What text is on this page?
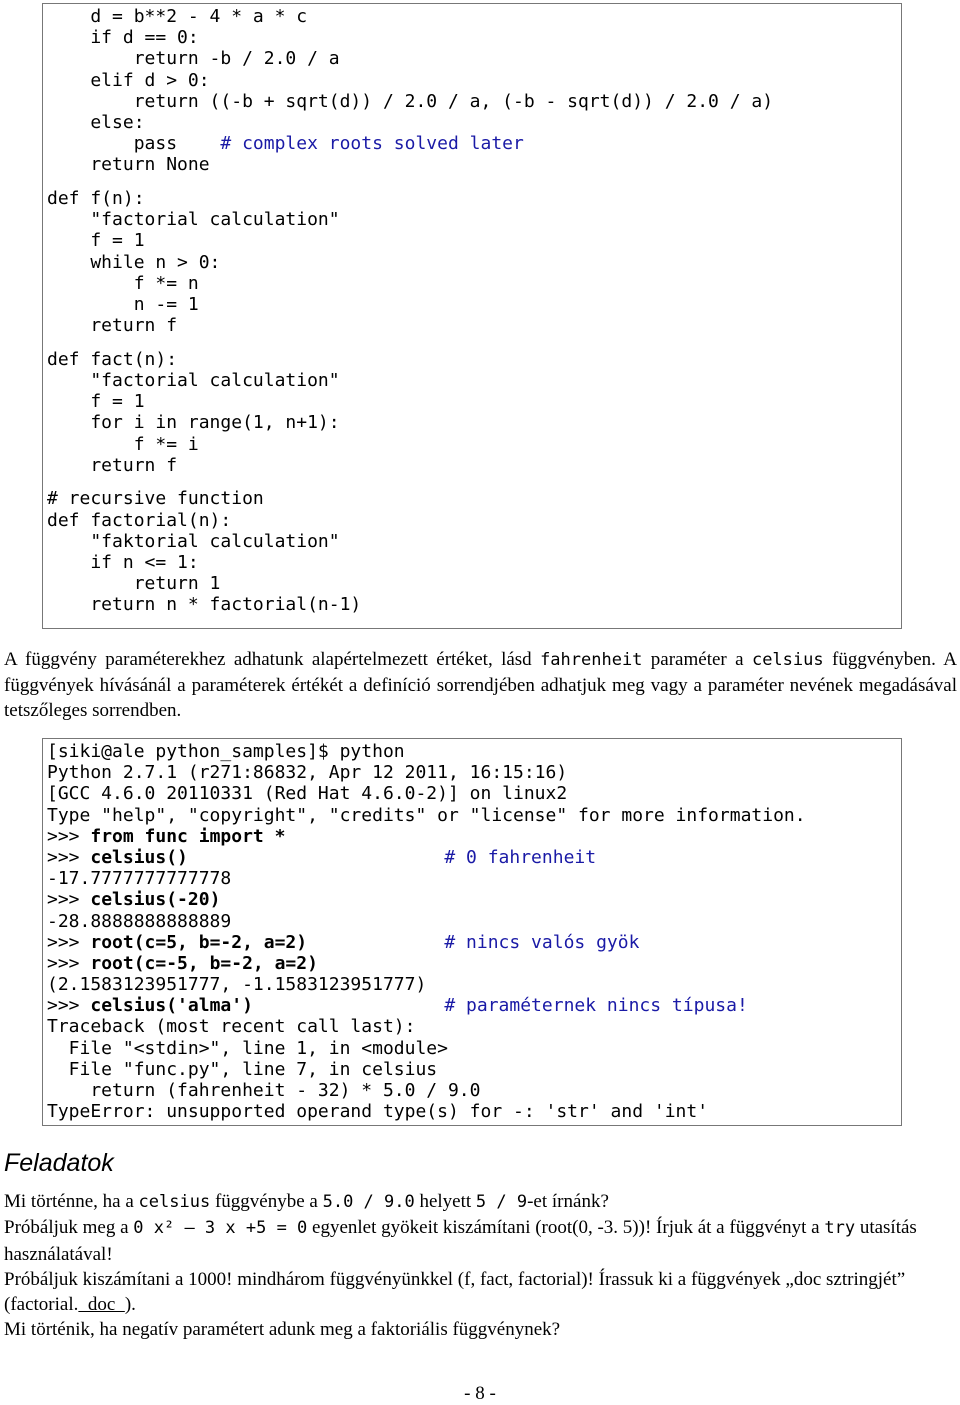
d = b**2 - 4 * a * c
if d == 0:
return -b / 2.0 / a
elif d > 0:
return ((-b + sqrt(d)) / 2.0 / a, (-b - sqrt(d)) / 2.0 / a)
else:
pass    # complex roots solved later
return None
def f(n):
"factorial calculation"
f = 1
while n > 0:
f *= n
n -= 1
return f
def fact(n):
"factorial calculation"
f = 1
for i in range(1, n+1):
f *= i
return f
# recursive function
def factorial(n):
"faktorial calculation"
if n <= 1:
return 1
return n * factorial(n-1)
A függvény paraméterekhez adhatunk alapértelmezett értéket, lásd fahrenheit paraméter a celsius függvényben. A függvények hívásánál a paraméterek értékét a definíció sorrendjében adhatjuk meg vagy a paraméter nevének megadásával tetszőleges sorrendben.
[siki@ale python_samples]$ python
Python 2.7.1 (r271:86832, Apr 12 2011, 16:15:16)
[GCC 4.6.0 20110331 (Red Hat 4.6.0-2)] on linux2
Type "help", "copyright", "credits" or "license" for more information.
>>> from func import *
>>> celsius()	# 0 fahrenheit
-17.7777777777778
>>> celsius(-20)
-28.8888888888889
>>> root(c=5, b=-2, a=2)	# nincs valós gyök
>>> root(c=-5, b=-2, a=2)
(2.1583123951777, -1.1583123951777)
>>> celsius('alma')	# paraméternek nincs típusa!
Traceback (most recent call last):
File "<stdin>", line 1, in <module>
File "func.py", line 7, in celsius
return (fahrenheit - 32) * 5.0 / 9.0
TypeError: unsupported operand type(s) for -: 'str' and 'int'
Feladatok
Mi történne, ha a celsius függvénybe a 5.0 / 9.0 helyett 5 / 9-et írnánk?
Próbáljuk meg a 0 x² – 3 x +5 = 0 egyenlet gyökeit kiszámítani (root(0, -3. 5))! Írjuk át a függvényt a try utasítás használatával!
Próbáljuk kiszámítani a 1000! mindhárom függvényünkkel (f, fact, factorial)! Írassuk ki a függvények „doc sztringjét” (factorial.  doc  ).
Mi történik, ha negatív paramétert adunk meg a faktoriális függvénynek?
- 8 -
